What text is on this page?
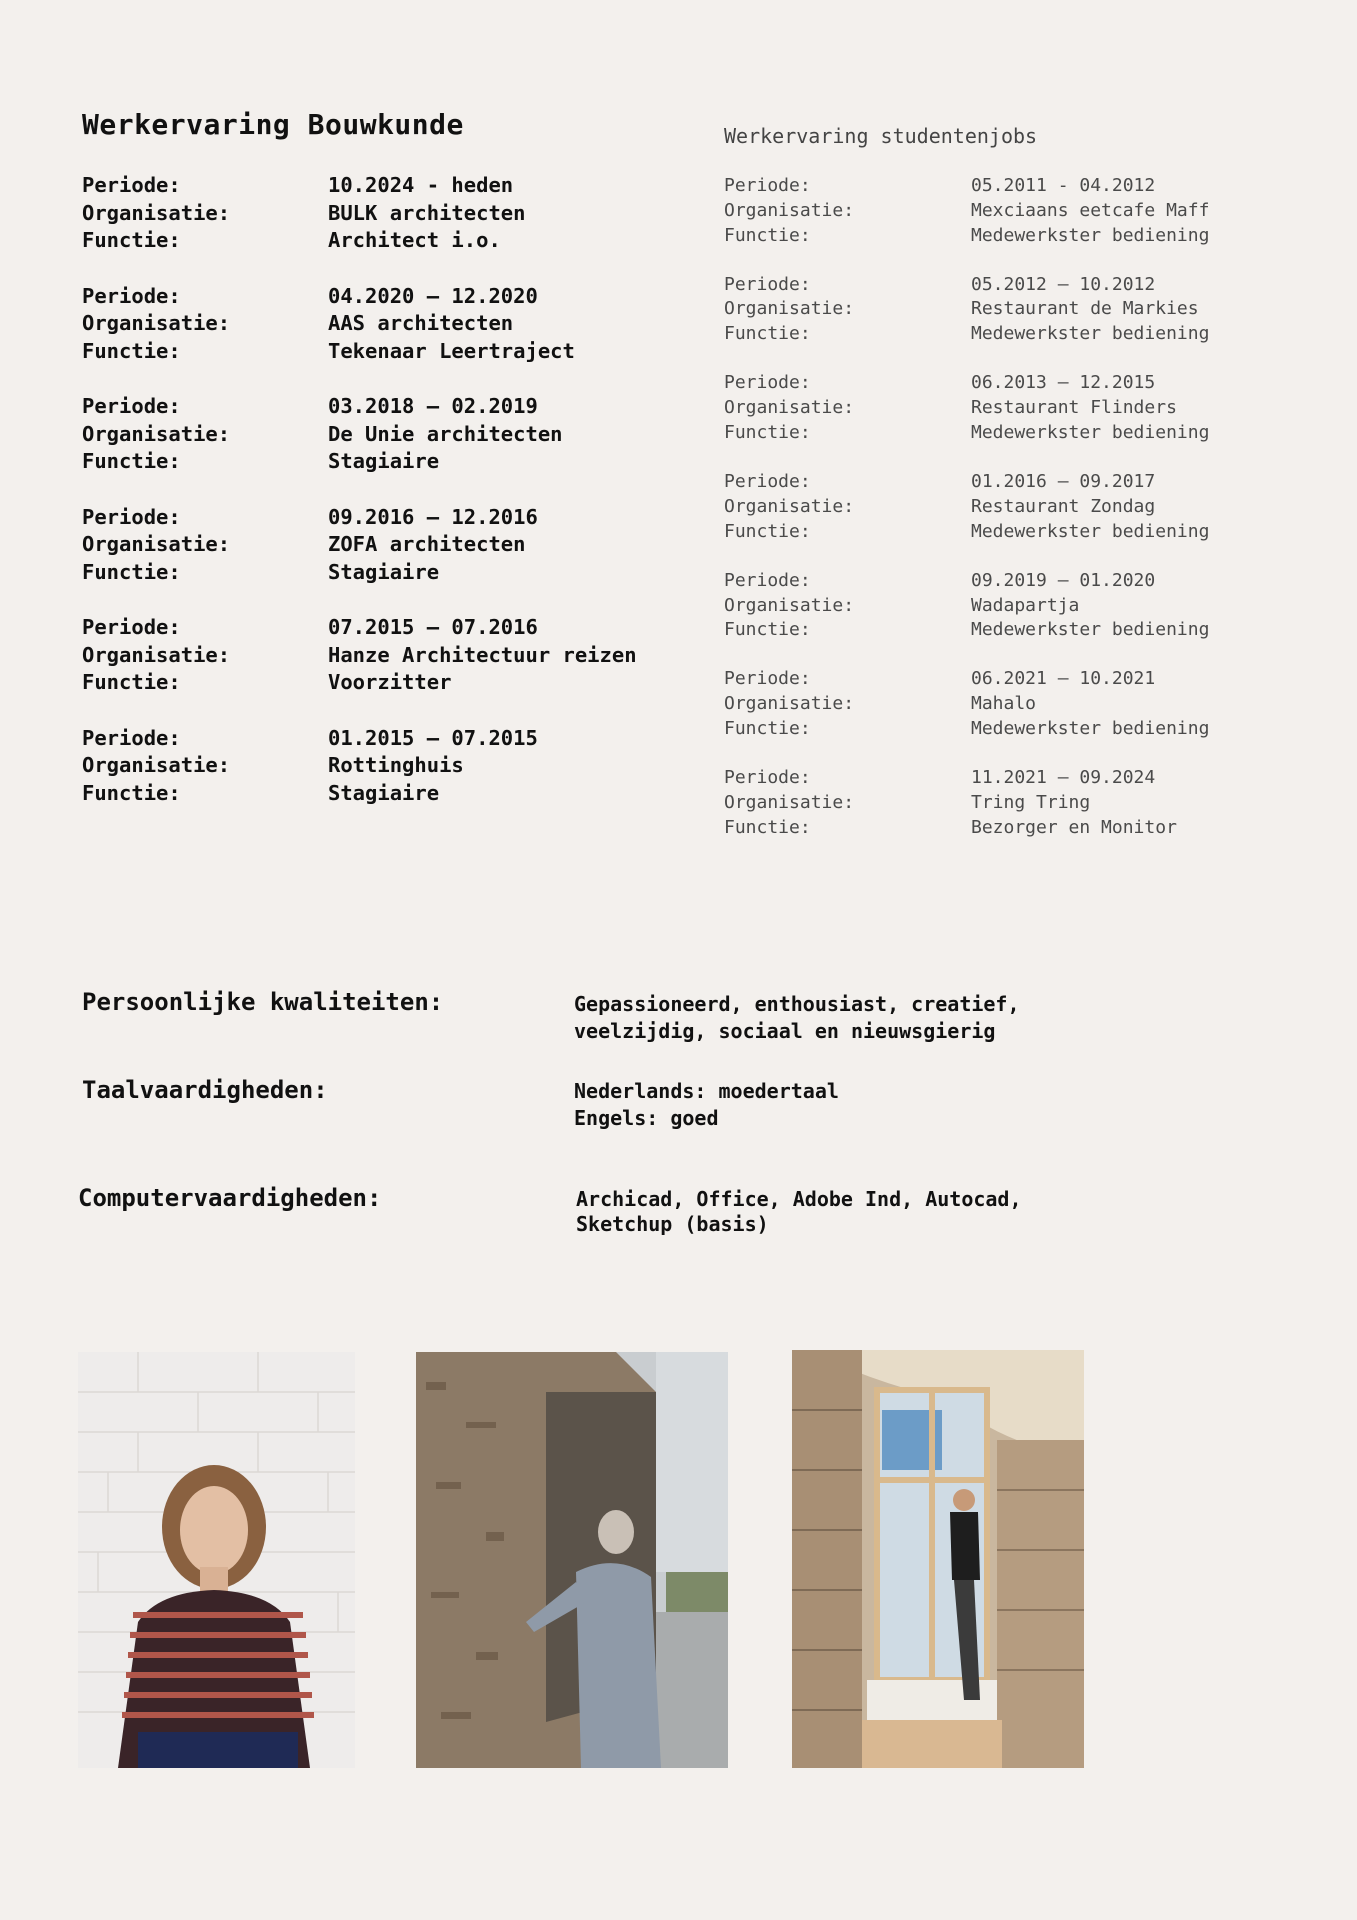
Werkervaring Bouwkunde
Periode:	10.2024 - heden
Organisatie:	BULK architecten
Functie:	Architect i.o.
Periode:	04.2020 — 12.2020
Organisatie:	AAS architecten
Functie:	Tekenaar Leertraject
Periode:	03.2018 — 02.2019
Organisatie:	De Unie architecten
Functie:	Stagiaire
Periode:	09.2016 — 12.2016
Organisatie:	ZOFA architecten
Functie:	Stagiaire
Periode:	07.2015 — 07.2016
Organisatie:	Hanze Architectuur reizen
Functie:	Voorzitter
Periode:	01.2015 — 07.2015
Organisatie:	Rottinghuis
Functie:	Stagiaire
Werkervaring studentenjobs
Periode:	05.2011 - 04.2012
Organisatie:	Mexciaans eetcafe Maff
Functie:	Medewerkster bediening
Periode:	05.2012 — 10.2012
Organisatie:	Restaurant de Markies
Functie:	Medewerkster bediening
Periode:	06.2013 — 12.2015
Organisatie:	Restaurant Flinders
Functie:	Medewerkster bediening
Periode:	01.2016 — 09.2017
Organisatie:	Restaurant Zondag
Functie:	Medewerkster bediening
Periode:	09.2019 — 01.2020
Organisatie:	Wadapartja
Functie:	Medewerkster bediening
Periode:	06.2021 — 10.2021
Organisatie:	Mahalo
Functie:	Medewerkster bediening
Periode:	11.2021 — 09.2024
Organisatie:	Tring Tring
Functie:	Bezorger en Monitor
Persoonlijke kwaliteiten:	Gepassioneerd, enthousiast, creatief,
veelzijdig, sociaal en nieuwsgierig
Taalvaardigheden:	Nederlands: moedertaal
Engels: goed
Computervaardigheden:	Archicad, Office, Adobe Ind, Autocad,
Sketchup (basis)
